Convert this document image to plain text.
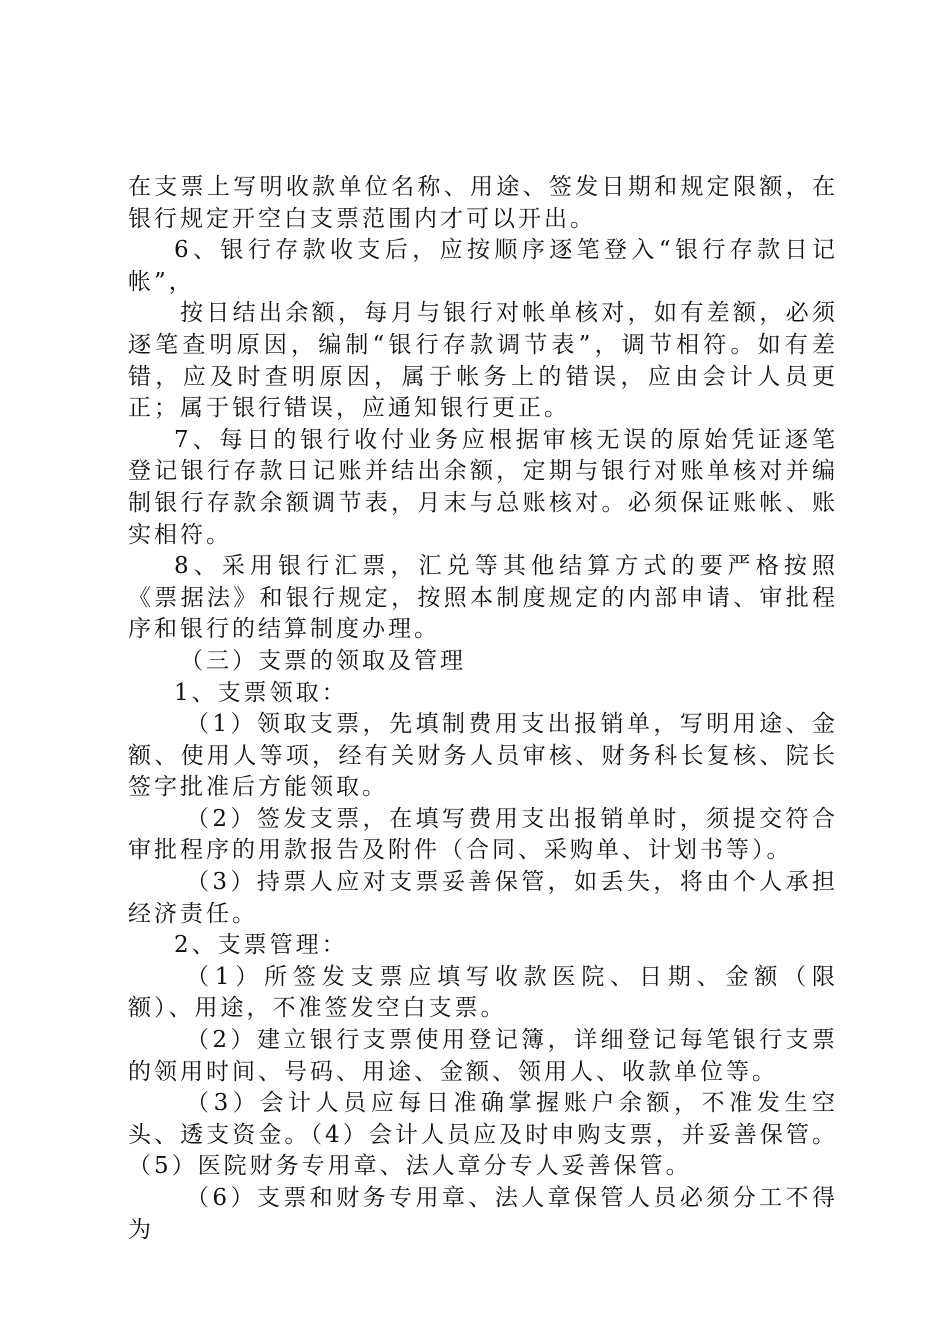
在支票上写明收款单位名称、用途、签发日期和规定限额，在银行规定开空白支票范围内才可以开出。

6、银行存款收支后，应按顺序逐笔登入“银行存款日记帐”，

按日结出余额，每月与银行对帐单核对，如有差额，必须逐笔查明原因，编制“银行存款调节表”，调节相符。如有差错，应及时查明原因，属于帐务上的错误，应由会计人员更正；属于银行错误，应通知银行更正。

7、每日的银行收付业务应根据审核无误的原始凭证逐笔登记银行存款日记账并结出余额，定期与银行对账单核对并编制银行存款余额调节表，月末与总账核对。必须保证账帐、账实相符。

8、采用银行汇票，汇兑等其他结算方式的要严格按照《票据法》和银行规定，按照本制度规定的内部申请、审批程序和银行的结算制度办理。

（三）支票的领取及管理

1、支票领取：

（1）领取支票，先填制费用支出报销单，写明用途、金额、使用人等项，经有关财务人员审核、财务科长复核、院长签字批准后方能领取。

（2）签发支票，在填写费用支出报销单时，须提交符合审批程序的用款报告及附件（合同、采购单、计划书等）。

（3）持票人应对支票妥善保管，如丢失，将由个人承担经济责任。

2、支票管理：

（1）所签发支票应填写收款医院、日期、金额（限额）、用途，不准签发空白支票。

（2）建立银行支票使用登记簿，详细登记每笔银行支票的领用时间、号码、用途、金额、领用人、收款单位等。

（3）会计人员应每日准确掌握账户余额，不准发生空头、透支资金。（4）会计人员应及时申购支票，并妥善保管。（5）医院财务专用章、法人章分专人妥善保管。

（6）支票和财务专用章、法人章保管人员必须分工不得为
